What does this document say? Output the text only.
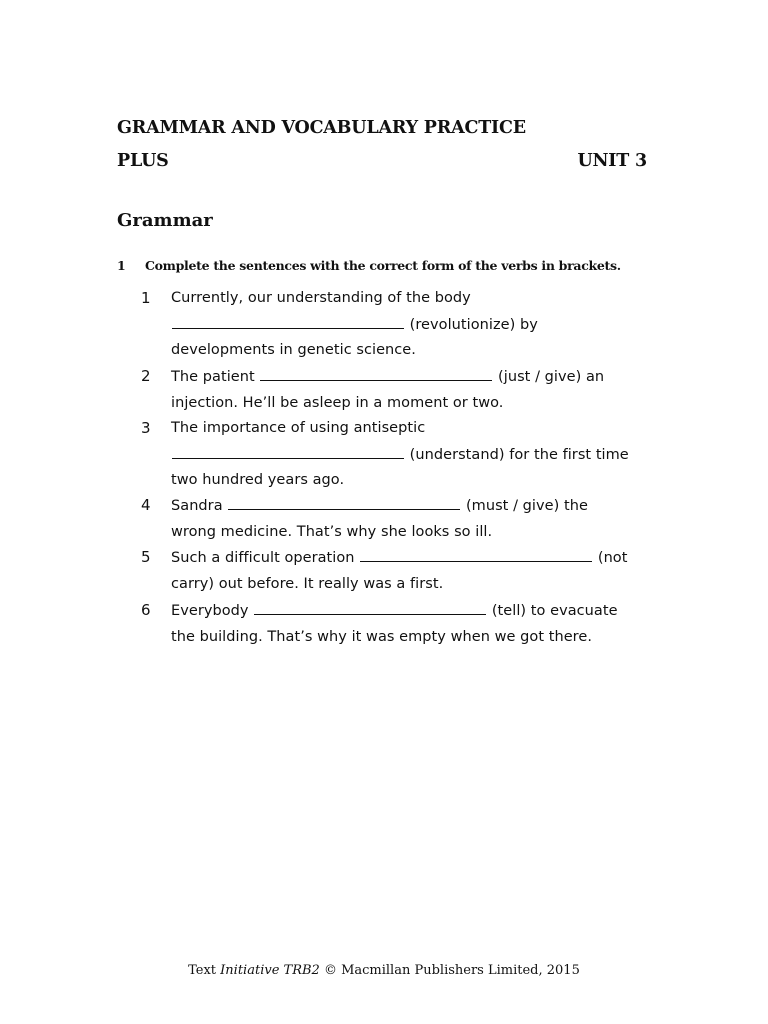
GRAMMAR AND VOCABULARY PRACTICE
PLUS	UNIT 3
Grammar
1 Complete the sentences with the correct form of the verbs in brackets.
1	Currently, our understanding of the body
(revolutionize) by
developments in genetic science.
2	The patient	(just / give) an
injection. He’ll be asleep in a moment or two.
3	The importance of using antiseptic
(understand) for the first time
two hundred years ago.
4	Sandra	(must / give) the
wrong medicine. That’s why she looks so ill.
5	Such a difficult operation	(not
carry) out before. It really was a first.
6	Everybody	(tell) to evacuate
the building. That’s why it was empty when we got there.
Text Initiative TRB2 © Macmillan Publishers Limited, 2015
